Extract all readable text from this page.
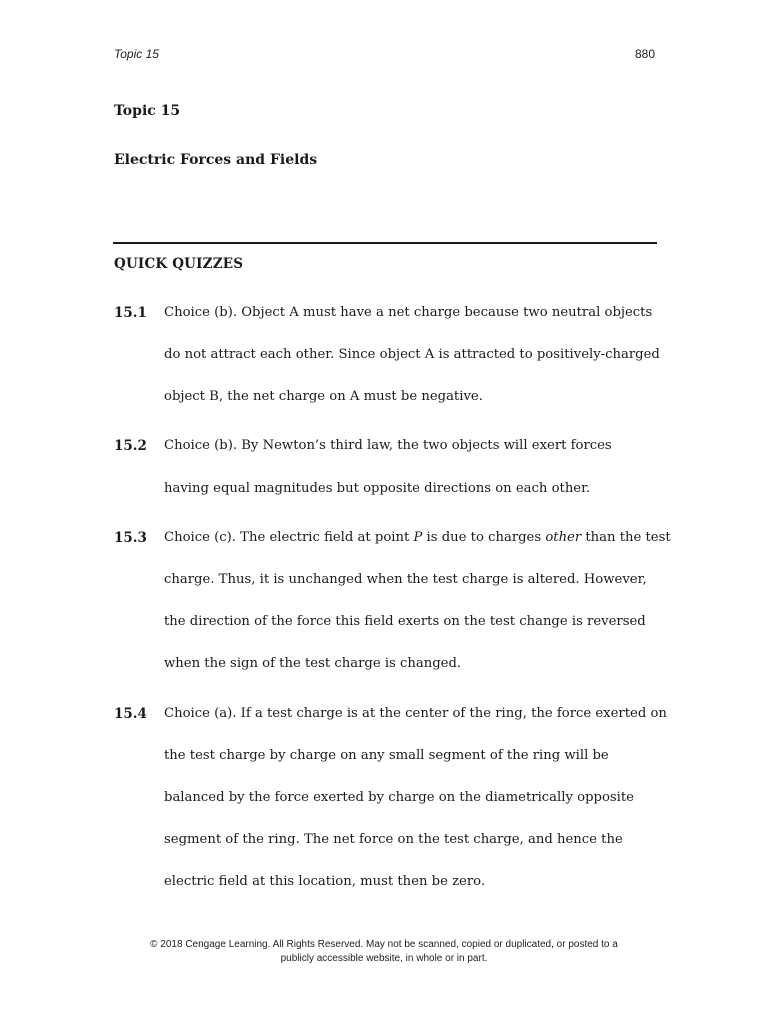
Topic 15	880
Topic 15
Electric Forces and Fields
QUICK QUIZZES
15.1 Choice (b). Object A must have a net charge because two neutral objects
do not attract each other. Since object A is attracted to positively-charged
object B, the net charge on A must be negative.
15.2 Choice (b). By Newton’s third law, the two objects will exert forces
having equal magnitudes but opposite directions on each other.
15.3 Choice (c). The electric field at point P is due to charges other than the test
charge. Thus, it is unchanged when the test charge is altered. However,
the direction of the force this field exerts on the test change is reversed
when the sign of the test charge is changed.
15.4 Choice (a). If a test charge is at the center of the ring, the force exerted on
the test charge by charge on any small segment of the ring will be
balanced by the force exerted by charge on the diametrically opposite
segment of the ring. The net force on the test charge, and hence the
electric field at this location, must then be zero.
© 2018 Cengage Learning. All Rights Reserved. May not be scanned, copied or duplicated, or posted to a
publicly accessible website, in whole or in part.
